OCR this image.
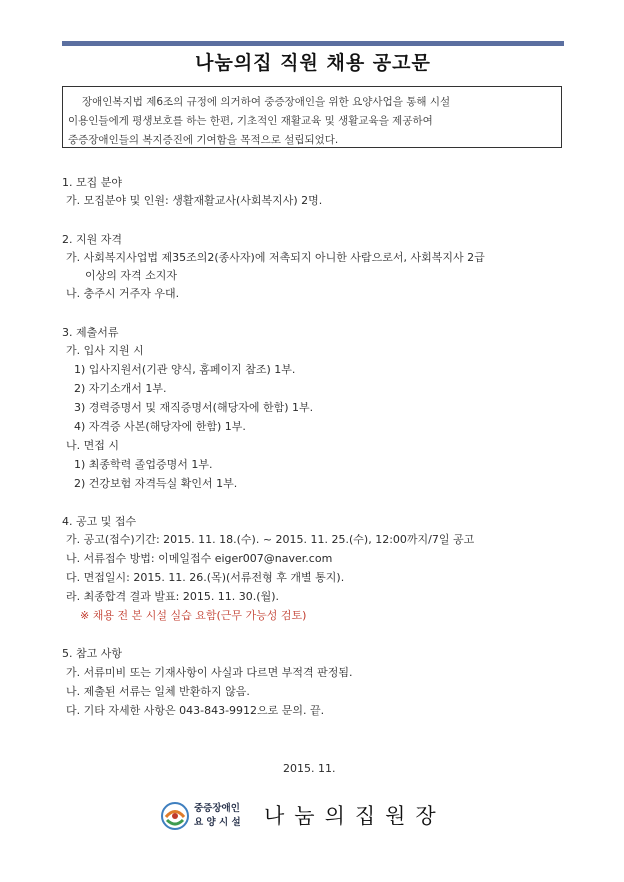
나눔의집 직원 채용 공고문
장애인복지법 제6조의 규정에 의거하여 중증장애인을 위한 요양사업을 통해 시설
이용인들에게 평생보호를 하는 한편, 기초적인 재활교육 및 생활교육을 제공하여
중증장애인들의 복지증진에 기여함을 목적으로 설립되었다.
1. 모집 분야
가. 모집분야 및 인원: 생활재활교사(사회복지사) 2명.
2. 지원 자격
가. 사회복지사업법 제35조의2(종사자)에 저촉되지 아니한 사람으로서, 사회복지사 2급
이상의 자격 소지자
나. 충주시 거주자 우대.
3. 제출서류
가. 입사 지원 시
1) 입사지원서(기관 양식, 홈페이지 참조) 1부.
2) 자기소개서 1부.
3) 경력증명서 및 재직증명서(해당자에 한함) 1부.
4) 자격증 사본(해당자에 한함) 1부.
나. 면접 시
1) 최종학력 졸업증명서 1부.
2) 건강보험 자격득실 확인서 1부.
4. 공고 및 접수
가. 공고(접수)기간: 2015. 11. 18.(수). ~ 2015. 11. 25.(수), 12:00까지/7일 공고
나. 서류접수 방법: 이메일접수 eiger007@naver.com
다. 면접일시: 2015. 11. 26.(목)(서류전형 후 개별 통지).
라. 최종합격 결과 발표: 2015. 11. 30.(월).
※ 채용 전 본 시설 실습 요함(근무 가능성 검토)
5. 참고 사항
가. 서류미비 또는 기재사항이 사실과 다르면 부적격 판정됨.
나. 제출된 서류는 일체 반환하지 않음.
다. 기타 자세한 사항은 043-843-9912으로 문의. 끝.
2015. 11.
중증장애인
요 양 시 설 나눔의집원장
